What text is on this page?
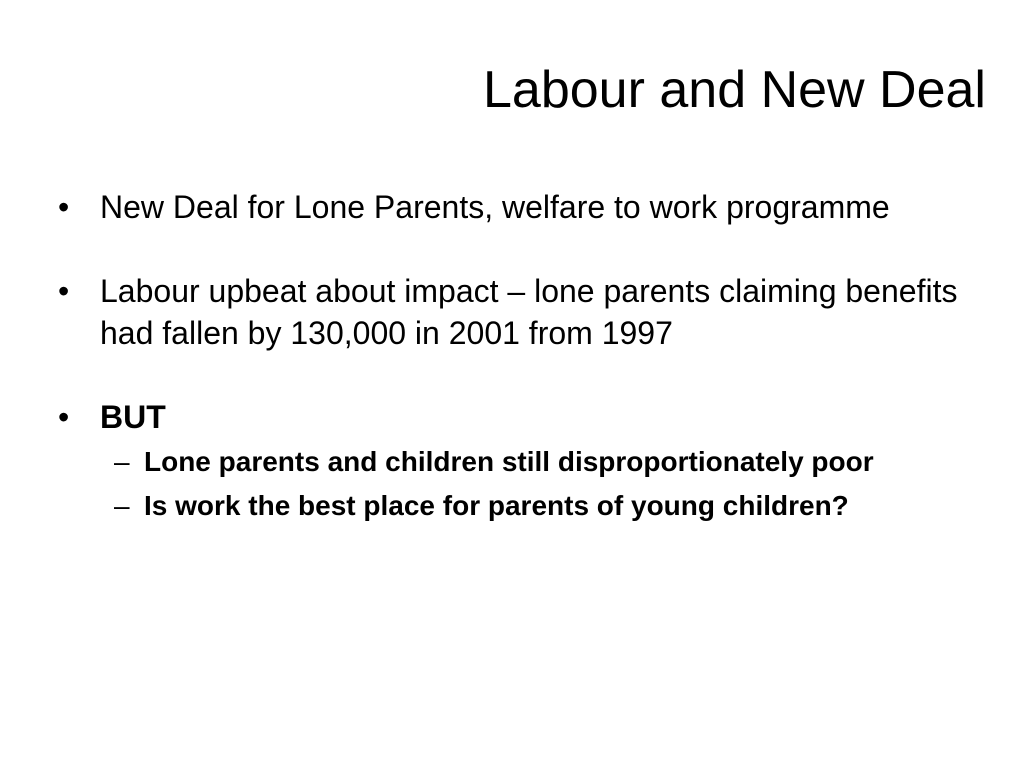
Labour and New Deal
• New Deal for Lone Parents, welfare to work programme
• Labour upbeat about impact – lone parents claiming benefits had fallen by 130,000 in 2001 from 1997
• BUT
– Lone parents and children still disproportionately poor
– Is work the best place for parents of young children?
